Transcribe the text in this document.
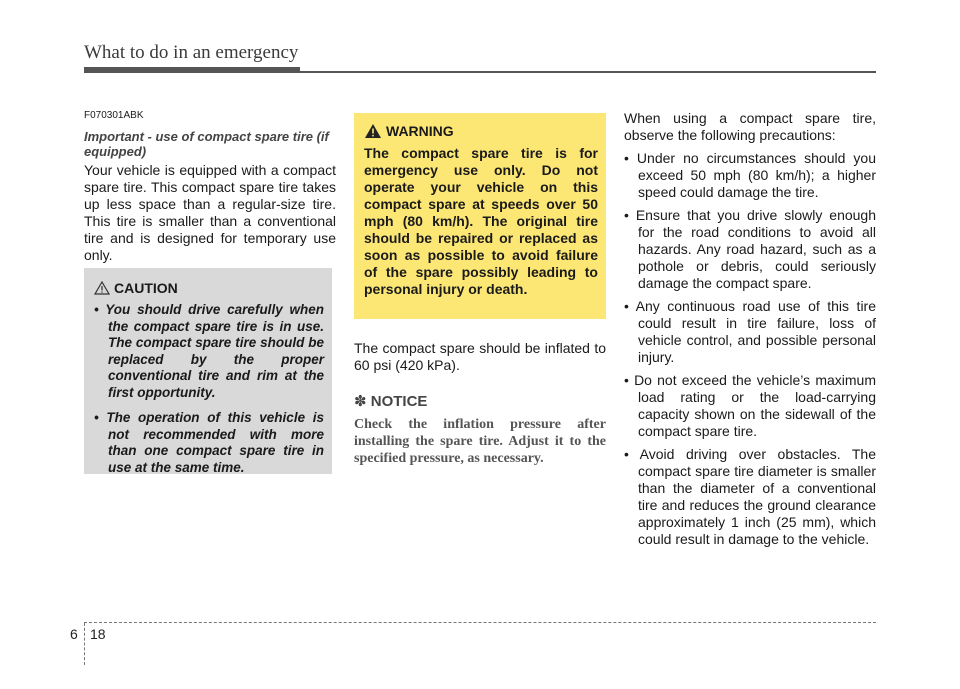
What to do in an emergency

F070301ABK

Important - use of compact spare tire (if equipped)

Your vehicle is equipped with a compact spare tire. This compact spare tire takes up less space than a regular-size tire. This tire is smaller than a conventional tire and is designed for temporary use only.

CAUTION
• You should drive carefully when the compact spare tire is in use. The compact spare tire should be replaced by the proper conventional tire and rim at the first opportunity.
• The operation of this vehicle is not recommended with more than one compact spare tire in use at the same time.
WARNING

The compact spare tire is for emergency use only. Do not operate your vehicle on this compact spare at speeds over 50 mph (80 km/h). The original tire should be repaired or replaced as soon as possible to avoid failure of the spare possibly leading to personal injury or death.

The compact spare should be inflated to 60 psi (420 kPa).

✽ NOTICE

Check the inflation pressure after installing the spare tire. Adjust it to the specified pressure, as necessary.

When using a compact spare tire, observe the following precautions:

• Under no circumstances should you exceed 50 mph (80 km/h); a higher speed could damage the tire.
• Ensure that you drive slowly enough for the road conditions to avoid all hazards. Any road hazard, such as a pothole or debris, could seriously damage the compact spare.
• Any continuous road use of this tire could result in tire failure, loss of vehicle control, and possible personal injury.
• Do not exceed the vehicle’s maximum load rating or the load-carrying capacity shown on the sidewall of the compact spare tire.
• Avoid driving over obstacles. The compact spare tire diameter is smaller than the diameter of a conventional tire and reduces the ground clearance approximately 1 inch (25 mm), which could result in damage to the vehicle.
6 18
